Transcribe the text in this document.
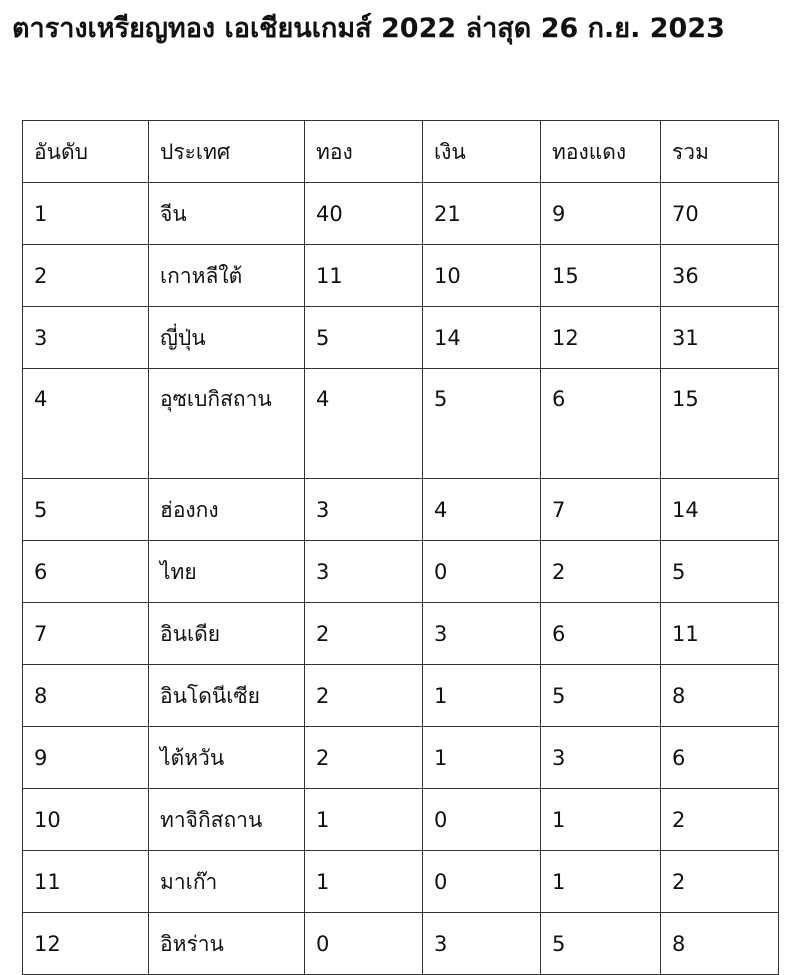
ตารางเหรียญทอง เอเชียนเกมส์ 2022 ล่าสุด 26 ก.ย. 2023
อันดับ	ประเทศ	ทอง	เงิน	ทองแดง	รวม
1	จีน	40	21	9	70
2	เกาหลีใต้	11	10	15	36
3	ญี่ปุ่น	5	14	12	31
4	อุซเบกิสถาน	4	5	6	15
5	ฮ่องกง	3	4	7	14
6	ไทย	3	0	2	5
7	อินเดีย	2	3	6	11
8	อินโดนีเซีย	2	1	5	8
9	ไต้หวัน	2	1	3	6
10	ทาจิกิสถาน	1	0	1	2
11	มาเก๊า	1	0	1	2
12	อิหร่าน	0	3	5	8
